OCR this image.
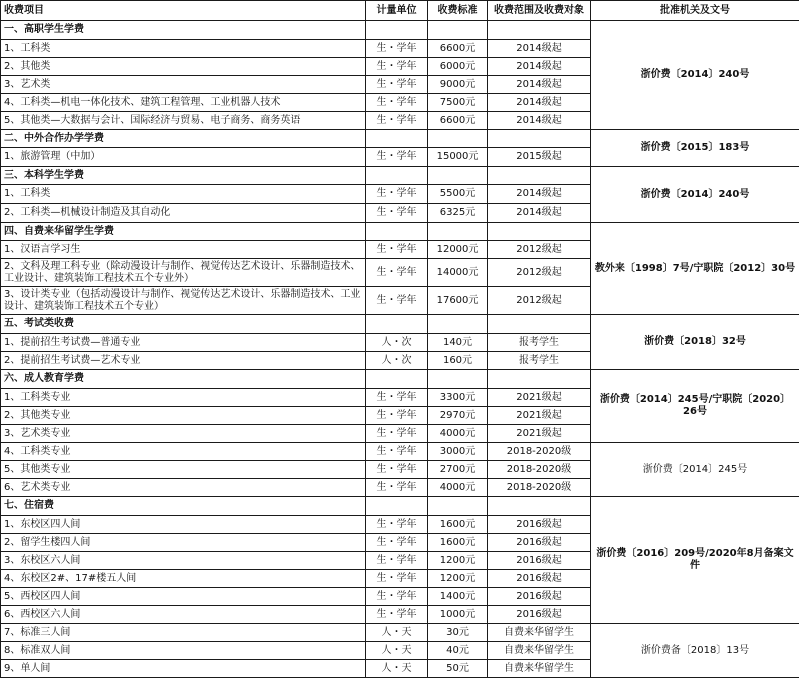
收费项目	计量单位	收费标准	收费范围及收费对象	批准机关及文号
一、高职学生学费				浙价费〔2014〕240号
1、工科类	生・学年	6600元	2014级起	
2、其他类	生・学年	6000元	2014级起	
3、艺术类	生・学年	9000元	2014级起	
4、工科类—机电一体化技术、建筑工程管理、工业机器人技术	生・学年	7500元	2014级起	
5、其他类—大数据与会计、国际经济与贸易、电子商务、商务英语	生・学年	6600元	2014级起	
二、中外合作办学学费				浙价费〔2015〕183号
1、旅游管理（中加）	生・学年	15000元	2015级起	
三、本科学生学费				浙价费〔2014〕240号
1、工科类	生・学年	5500元	2014级起	
2、工科类—机械设计制造及其自动化	生・学年	6325元	2014级起	
四、自费来华留学生学费				教外来〔1998〕7号/宁职院〔2012〕30号
1、汉语言学习生	生・学年	12000元	2012级起	
2、文科及理工科专业（除动漫设计与制作、视觉传达艺术设计、乐器制造技术、工业设计、建筑装饰工程技术五个专业外）	生・学年	14000元	2012级起	
3、设计类专业（包括动漫设计与制作、视觉传达艺术设计、乐器制造技术、工业设计、建筑装饰工程技术五个专业）	生・学年	17600元	2012级起	
五、考试类收费				浙价费〔2018〕32号
1、提前招生考试费—普通专业	人・次	140元	报考学生	
2、提前招生考试费—艺术专业	人・次	160元	报考学生	
六、成人教育学费				浙价费〔2014〕245号/宁职院〔2020〕26号
1、工科类专业	生・学年	3300元	2021级起	
2、其他类专业	生・学年	2970元	2021级起	
3、艺术类专业	生・学年	4000元	2021级起	
4、工科类专业	生・学年	3000元	2018-2020级	浙价费〔2014〕245号
5、其他类专业	生・学年	2700元	2018-2020级	
6、艺术类专业	生・学年	4000元	2018-2020级	
七、住宿费				浙价费〔2016〕209号/2020年8月备案文件
1、东校区四人间	生・学年	1600元	2016级起	
2、留学生楼四人间	生・学年	1600元	2016级起	
3、东校区六人间	生・学年	1200元	2016级起	
4、东校区2#、17#楼五人间	生・学年	1200元	2016级起	
5、西校区四人间	生・学年	1400元	2016级起	
6、西校区六人间	生・学年	1000元	2016级起	
7、标准三人间	人・天	30元	自费来华留学生	浙价费备〔2018〕13号
8、标准双人间	人・天	40元	自费来华留学生	
9、单人间	人・天	50元	自费来华留学生	
